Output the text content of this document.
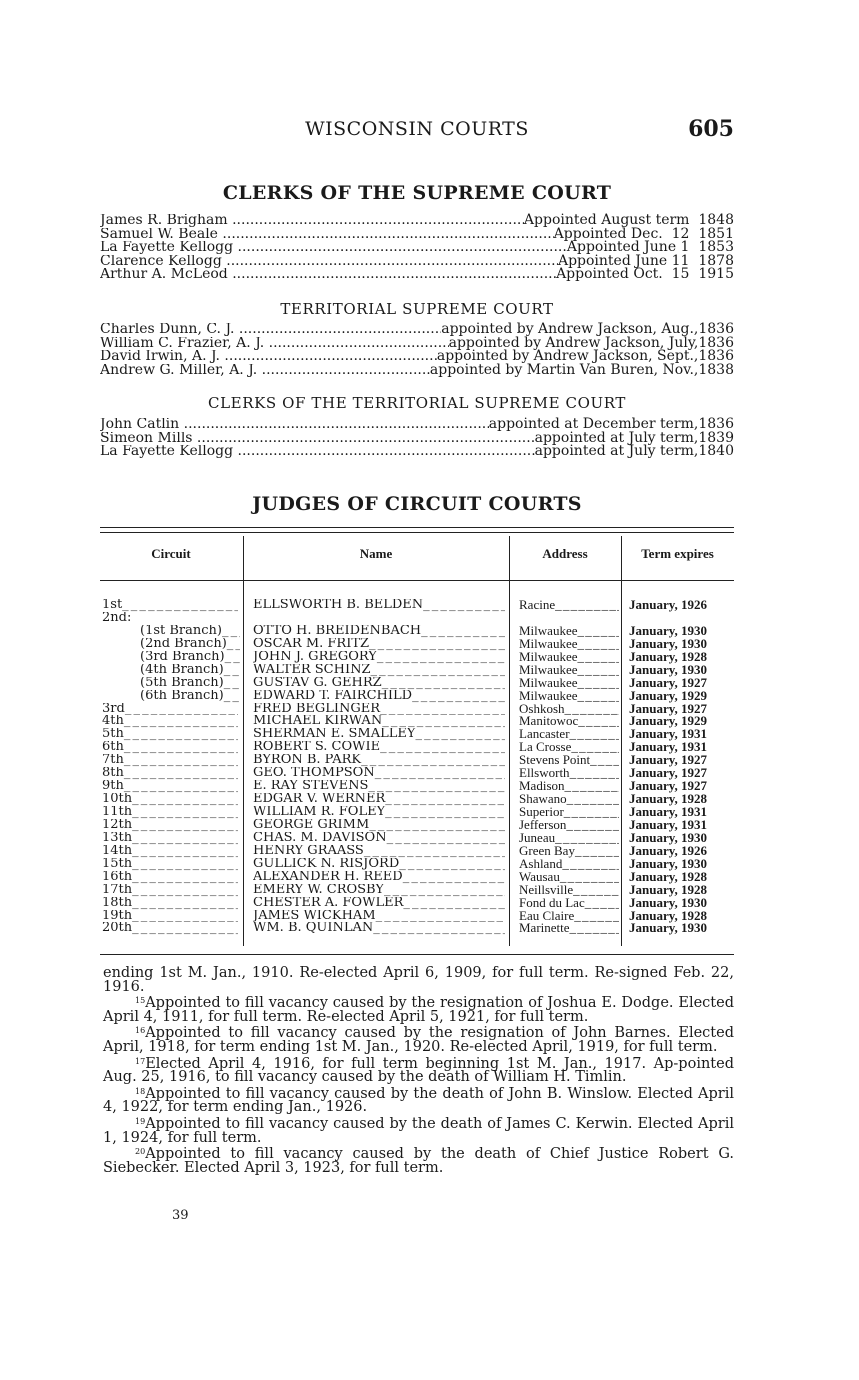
WISCONSIN COURTS	605
CLERKS OF THE SUPREME COURT
James R. Brigham .....	Appointed August term 1848
Samuel W. Beale .....	Appointed Dec.  12 1851
La Fayette Kellogg .....	Appointed June 1 1853
Clarence Kellogg .....	Appointed June 11 1878
Arthur A. McLeod .....	Appointed Oct.  15 1915
TERRITORIAL SUPREME COURT
Charles Dunn, C. J. .....	appointed by Andrew Jackson, Aug., 1836
William C. Frazier, A. J. .....	appointed by Andrew Jackson, July, 1836
David Irwin, A. J. .....	appointed by Andrew Jackson, Sept., 1836
Andrew G. Miller, A. J. .....	appointed by Martin Van Buren, Nov., 1838
CLERKS OF THE TERRITORIAL SUPREME COURT
John Catlin .....	appointed at December term, 1836
Simeon Mills .....	appointed at July term, 1839
La Fayette Kellogg .....	appointed at July term, 1840
JUDGES OF CIRCUIT COURTS
Circuit	Name	Address	Term expires
1st _ _ _	ELLSWORTH B. BELDEN _ _ _	Racine _ _ _	January, 1926
2nd:
(1st Branch) _ _ _	OTTO H. BREIDENBACH _ _ _	Milwaukee _ _ _	January, 1930
(2nd Branch) _ _ _	OSCAR M. FRITZ _ _ _	Milwaukee _ _ _	January, 1930
(3rd Branch) _ _ _	JOHN J. GREGORY _ _ _	Milwaukee _ _ _	January, 1928
(4th Branch) _ _ _	WALTER SCHINZ _ _ _	Milwaukee _ _ _	January, 1930
(5th Branch) _ _ _	GUSTAV G. GEHRZ _ _ _	Milwaukee _ _ _	January, 1927
(6th Branch) _ _ _	EDWARD T. FAIRCHILD _ _ _	Milwaukee _ _ _	January, 1929
3rd _ _ _	FRED BEGLINGER _ _ _	Oshkosh _ _ _	January, 1927
4th _ _ _	MICHAEL KIRWAN _ _ _	Manitowoc _ _ _	January, 1929
5th _ _ _	SHERMAN E. SMALLEY _ _ _	Lancaster _ _ _	January, 1931
6th _ _ _	ROBERT S. COWIE _ _ _	La Crosse _ _ _	January, 1931
7th _ _ _	BYRON B. PARK _ _ _	Stevens Point _ _ _	January, 1927
8th _ _ _	GEO. THOMPSON _ _ _	Ellsworth _ _ _	January, 1927
9th _ _ _	E. RAY STEVENS _ _ _	Madison _ _ _	January, 1927
10th _ _ _	EDGAR V. WERNER _ _ _	Shawano _ _ _	January, 1928
11th _ _ _	WILLIAM R. FOLEY _ _ _	Superior _ _ _	January, 1931
12th _ _ _	GEORGE GRIMM _ _ _	Jefferson _ _ _	January, 1931
13th _ _ _	CHAS. M. DAVISON _ _ _	Juneau _ _ _	January, 1930
14th _ _ _	HENRY GRAASS _ _ _	Green Bay _ _ _	January, 1926
15th _ _ _	GULLICK N. RISJORD _ _ _	Ashland _ _ _	January, 1930
16th _ _ _	ALEXANDER H. REED _ _ _	Wausau _ _ _	January, 1928
17th _ _ _	EMERY W. CROSBY _ _ _	Neillsville _ _ _	January, 1928
18th _ _ _	CHESTER A. FOWLER _ _ _	Fond du Lac _ _ _	January, 1930
19th _ _ _	JAMES WICKHAM _ _ _	Eau Claire _ _ _	January, 1928
20th _ _ _	WM. B. QUINLAN _ _ _	Marinette _ _ _	January, 1930

ending 1st M. Jan., 1910. Re-elected April 6, 1909, for full term. Re-signed Feb. 22, 1916.

$^{15}$Appointed to fill vacancy caused by the resignation of Joshua E. Dodge. Elected April 4, 1911, for full term. Re-elected April 5, 1921, for full term.

$^{16}$Appointed to fill vacancy caused by the resignation of John Barnes. Elected April, 1918, for term ending 1st M. Jan., 1920. Re-elected April, 1919, for full term.

$^{17}$Elected April 4, 1916, for full term beginning 1st M. Jan., 1917. Ap-pointed Aug. 25, 1916, to fill vacancy caused by the death of William H. Timlin.

$^{18}$Appointed to fill vacancy caused by the death of John B. Winslow. Elected April 4, 1922, for term ending Jan., 1926.

$^{19}$Appointed to fill vacancy caused by the death of James C. Kerwin. Elected April 1, 1924, for full term.

$^{20}$Appointed to fill vacancy caused by the death of Chief Justice Robert G. Siebecker. Elected April 3, 1923, for full term.

39
